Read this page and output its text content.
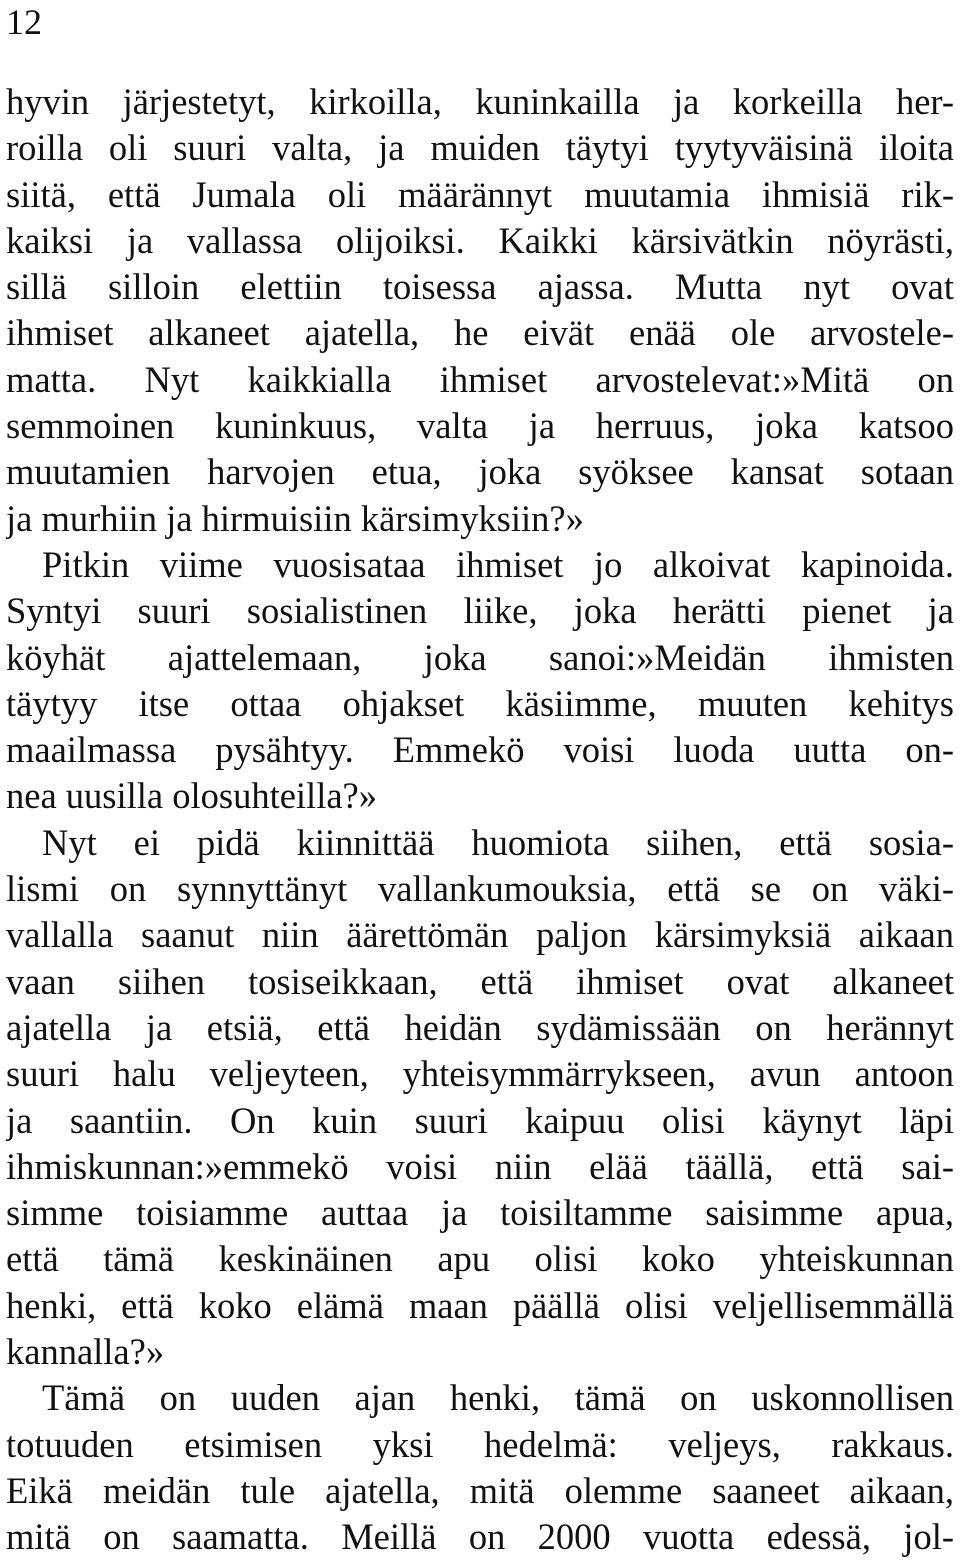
12
hyvin järjestetyt, kirkoilla, kuninkailla ja korkeilla her-
roilla oli suuri valta, ja muiden täytyi tyytyväisinä iloita
siitä, että Jumala oli määrännyt muutamia ihmisiä rik-
kaiksi ja vallassa olijoiksi. Kaikki kärsivätkin nöyrästi,
sillä silloin elettiin toisessa ajassa. Mutta nyt ovat
ihmiset alkaneet ajatella, he eivät enää ole arvostele-
matta. Nyt kaikkialla ihmiset arvostelevat:»Mitä on
semmoinen kuninkuus, valta ja herruus, joka katsoo
muutamien harvojen etua, joka syöksee kansat sotaan
ja murhiin ja hirmuisiin kärsimyksiin?»
Pitkin viime vuosisataa ihmiset jo alkoivat kapinoida.
Syntyi suuri sosialistinen liike, joka herätti pienet ja
köyhät ajattelemaan, joka sanoi:»Meidän ihmisten
täytyy itse ottaa ohjakset käsiimme, muuten kehitys
maailmassa pysähtyy. Emmekö voisi luoda uutta on-
nea uusilla olosuhteilla?»
Nyt ei pidä kiinnittää huomiota siihen, että sosia-
lismi on synnyttänyt vallankumouksia, että se on väki-
vallalla saanut niin äärettömän paljon kärsimyksiä aikaan
vaan siihen tosiseikkaan, että ihmiset ovat alkaneet
ajatella ja etsiä, että heidän sydämissään on herännyt
suuri halu veljeyteen, yhteisymmärrykseen, avun antoon
ja saantiin. On kuin suuri kaipuu olisi käynyt läpi
ihmiskunnan:»emmekö voisi niin elää täällä, että sai-
simme toisiamme auttaa ja toisiltamme saisimme apua,
että tämä keskinäinen apu olisi koko yhteiskunnan
henki, että koko elämä maan päällä olisi veljellisemmällä
kannalla?»
Tämä on uuden ajan henki, tämä on uskonnollisen
totuuden etsimisen yksi hedelmä: veljeys, rakkaus.
Eikä meidän tule ajatella, mitä olemme saaneet aikaan,
mitä on saamatta. Meillä on 2000 vuotta edessä, jol-
